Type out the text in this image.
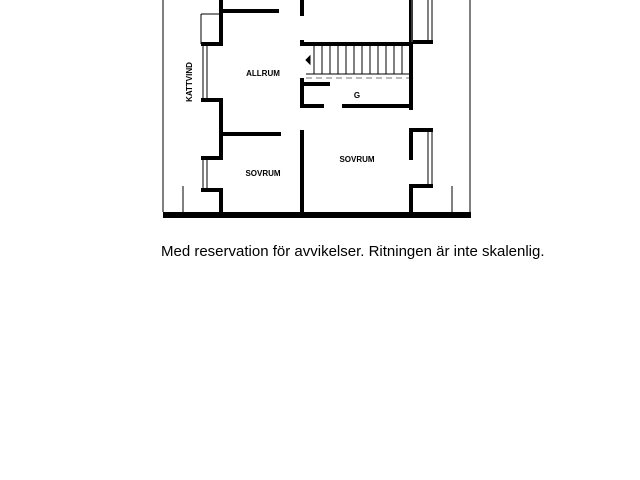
ALLRUM
KATTVIND	G
SOVRUM
SOVRUM

Med reservation för avvikelser. Ritningen är inte skalenlig.
